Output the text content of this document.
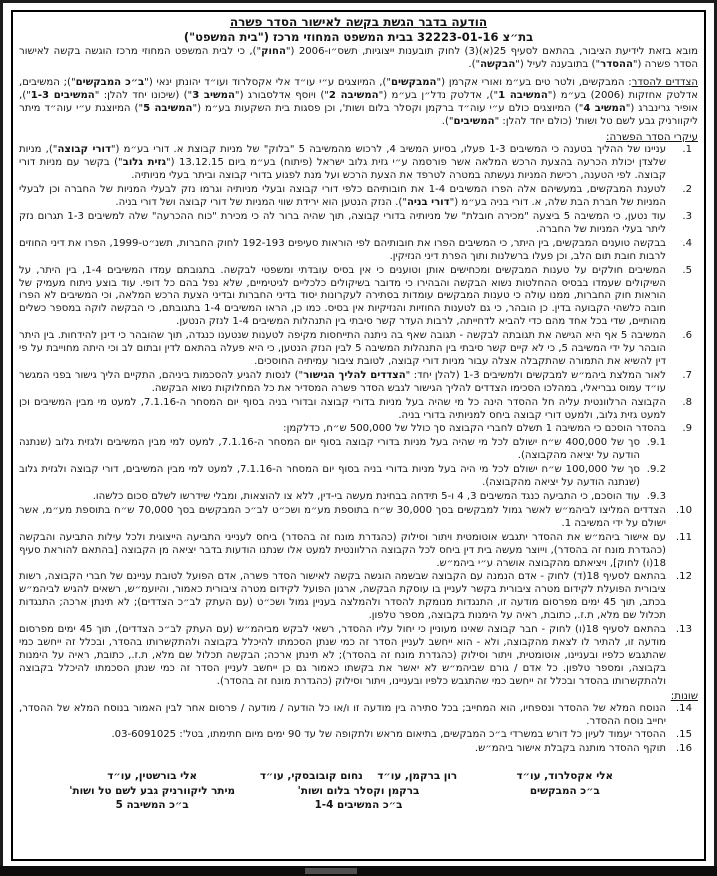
הודעה בדבר הגשת בקשה לאישור הסדר פשרה
בת״צ 32223-01-16 בבית המשפט המחוזי מרכז ("בית המשפט")
מובא בזאת לידיעת הציבור, בהתאם לסעיף 25(א)(3) לחוק תובענות ייצוגיות, תשס״ו-2006 ("החוק"), כי לבית המשפט המחוזי מרכז הוגשה בקשה לאישור הסדר פשרה ("ההסדר") בתובענה לעיל ("הבקשה").
הצדדים להסדר: המבקשים, ולטר טים בע״מ ואורי אקרמן ("המבקשים"), המיוצגים ע״י עו״ד אלי אקסלרוד ועו״ד יהונתן ינאי ("ב״כ המבקשים"); המשיבים, אדלטק אחזקות (2006) בע״מ ("המשיבה 1"), אדלטק נדל״ן בע״מ ("המשיבה 2") ויוסף אדלסבורג ("המשיב 3") (שיכונו יחד להלן: "המשיבים 1-3"), אופיר גרינברג ("המשיב 4") המיוצגים כולם ע״י עוה״ד ברקמן וקסלר בלום ושות', וכן פסגות בית השקעות בע״מ ("המשיבה 5") המיוצגת ע״י עוה״ד מיתר ליקוורניק גבע לשם טל ושות' (כולם יחד להלן: "המשיבים").
עיקרי הסדר הפשרה:
1.
עניינו של ההליך בטענה כי המשיבים 1-3 פעלו, בסיוע המשיב 4, לרכוש מהמשיבה 5 "בלוק" של מניות קבוצת א. דורי בע״מ ("דורי קבוצה"), מניות שלצדן יכולת הכרעה בהצעת הרכש המלאה אשר פורסמה ע״י גזית גלוב ישראל (פיתוח) בע״מ ביום 13.12.15 ("גזית גלוב") בקשר עם מניות דורי קבוצה. לפי הטענה, רכישת המניות נעשתה במטרה לטרפד את הצעת הרכש ועל מנת לפגוע בדורי קבוצה וביתר בעלי מניותיה.
2.
לטענת המבקשים, במעשיהם אלה הפרו המשיבים 1-4 את חובותיהם כלפי דורי קבוצה ובעלי מניותיה וגרמו נזק לבעלי המניות של החברה וכן לבעלי המניות של חברת הבת שלה, א. דורי בניה בע״מ ("דורי בניה"). הנזק הנטען הוא ירידת שווי המניות של דורי קבוצה ושל דורי בניה.
3.
עוד נטען, כי המשיבה 5 ביצעה "מכירה חובלת" של מניותיה בדורי קבוצה, תוך שהיה ברור לה כי מכירת "כוח ההכרעה" שלה למשיבים 1-3 תגרום נזק ליתר בעלי המניות של החברה.
4.
בבקשה טוענים המבקשים, בין היתר, כי המשיבים הפרו את חובותיהם לפי הוראות סעיפים 192-193 לחוק החברות, תשנ״ט-1999, הפרו את דיני החוזים לרבות חובת תום הלב, וכן פעלו ברשלנות ותוך הפרת דיני הנזיקין.
5.
המשיבים חולקים על טענות המבקשים ומכחישים אותן וטוענים כי אין בסיס עובדתי ומשפטי לבקשה. בתגובתם עמדו המשיבים 1-4, בין היתר, על השיקולים שעמדו בבסיס ההחלטות נשוא הבקשה והבהירו כי מדובר בשיקולים כלכליים לגיטימיים, שלא נפל בהם כל דופי. עוד בוצע ניתוח מעמיק של הוראות חוק החברות, ממנו עולה כי טענות המבקשים עומדות בסתירה לעקרונות יסוד בדיני החברות ובדיני הצעת הרכש המלאה, וכי המשיבים לא הפרו חובה כלשהי הקבועה בדין. כן הובהר, כי גם לטענות החוזיות והנזיקיות אין בסיס. כמו כן, הראו המשיבים 1-4 בתגובתם, כי הבקשה לוקה במספר כשלים מהותיים, שדי בכל אחד מהם כדי להביא לדחייתה, לרבות העדר קשר סיבתי בין התנהלות המשיבים 1-4 לנזק הנטען.
6.
המשיבה 5 אף היא הגישה את תגובתה לבקשה - תגובה שאף בה ניתנה התייחסות מקיפה לטענות שנטענו כנגדה, תוך שהובהר כי דינן להידחות. בין היתר הובהר על ידי המשיבה 5, כי לא קיים קשר סיבתי בין התנהלות המשיבה 5 לבין הנזק הנטען, כי היא פעלה בהתאם לדין ובתום לב וכי היתה מחוייבת על פי דין להשיא את התמורה שהתקבלה אצלה עבור מניות דורי קבוצה, לטובת ציבור עמיתיה החוסכים.
7.
לאור המלצת ביהמ״ש למבקשים ולמשיבים 1-3 (להלן יחד: "הצדדים להליך הגישור") לנסות להגיע להסכמות ביניהם, התקיים הליך גישור בפני המגשר עו״ד עמוס גבריאלי, במהלכו הסכימו הצדדים להליך הגישור לגבש הסדר פשרה המסדיר את כל המחלוקות נשוא הבקשה.
8.
הקבוצה הרלוונטית עליה חל ההסדר הינה כל מי שהיה בעל מניות בדורי קבוצה ובדורי בניה בסוף יום המסחר ה-7.1.16, למעט מי מבין המשיבים וכן למעט גזית גלוב, ולמעט דורי קבוצה ביחס למניותיה בדורי בניה.
9.
בהסדר הוסכם כי המשיבה 1 תשלם לחברי הקבוצה סך כולל של 500,000 ש״ח, כדלקמן:
9.1.
סך של 400,000 ש״ח ישולם לכל מי שהיה בעל מניות בדורי קבוצה בסוף יום המסחר ה-7.1.16, למעט למי מבין המשיבים ולגזית גלוב (שנתנה הודעה על יציאה מהקבוצה).
9.2.
סך של 100,000 ש״ח ישולם לכל מי היה בעל מניות בדורי בניה בסוף יום המסחר ה-7.1.16, למעט למי מבין המשיבים, דורי קבוצה ולגזית גלוב (שנתנה הודעה על יציאה מהקבוצה).
9.3.
עוד הוסכם, כי התביעה כנגד המשיבים 3, 4 ו-5 תידחה בבחינת מעשה בי-דין, ללא צו להוצאות, ומבלי שידרשו לשלם סכום כלשהו.
10.
הצדדים המליצו לביהמ״ש לאשר גמול למבקשים בסך 30,000 ש״ח בתוספת מע״מ ושכ״ט לב״כ המבקשים בסך 70,000 ש״ח בתוספת מע״מ, אשר ישולם על ידי המשיבה 1.
11.
עם אישור ביהמ״ש את ההסדר יתגבש אוטומטית ויתור וסילוק (כהגדרת מונח זה בהסדר) ביחס לענייני התביעה הייצוגית ולכל עילות התביעה והבקשה (כהגדרת מונח זה בהסדר), וייוצר מעשה בית דין ביחס לכל הקבוצה הרלוונטית למעט אלו שנתנו הודעות בדבר יציאה מן הקבוצה [בהתאם להוראת סעיף 18(ו) לחוק], ויציאתם מהקבוצה אושרה ע״י ביהמ״ש.
12.
בהתאם לסעיף 18(ד) לחוק - אדם הנמנה עם הקבוצה שבשמה הוגשה בקשה לאישור הסדר פשרה, אדם הפועל לטובת עניינם של חברי הקבוצה, רשות ציבורית הפועלת לקידום מטרה ציבורית בקשר לעניין בו עוסקת הבקשה, ארגון הפועל לקידום מטרה ציבורית כאמור, והיועמ״ש, רשאים להגיש לביהמ״ש בכתב, תוך 45 ימים מפרסום מודעה זו, התנגדות מנומקת להסדר ולהמלצה בעניין גמול ושכ״ט (עם העתק לב״כ הצדדים); לא תינתן ארכה; התנגדות תכלול שם מלא, ת.ז., כתובת, ראיה על הימנות בקבוצה, מספר טלפון.
13.
בהתאם לסעיף 18(ו) לחוק - חבר קבוצה שאינו מעוניין כי יחול עליו ההסדר, רשאי לבקש מביהמ״ש (עם העתק לב״כ הצדדים), תוך 45 ימים מפרסום מודעה זו, להתיר לו לצאת מהקבוצה, ולא - הוא ייחשב לעניין הסדר זה כמי שנתן הסכמתו להיכלל בקבוצה ולהתקשרותו בהסדר, ובכלל זה ייחשב כמי שהתגבש כלפיו ובעניינו, אוטומטית, ויתור וסילוק (כהגדרת מונח זה בהסדר); לא תינתן ארכה; הבקשה תכלול שם מלא, ת.ז., כתובת, ראיה על הימנות בקבוצה, ומספר טלפון. כל אדם / גורם שביהמ״ש לא יאשר את בקשתו כאמור גם כן ייחשב לעניין הסדר זה כמי שנתן הסכמתו להיכלל בקבוצה ולהתקשרותו בהסדר ובכלל זה ייחשב כמי שהתגבש כלפיו ובעניינו, ויתור וסילוק (כהגדרת מונח זה בהסדר).
שונות:
14.
הנוסח המלא של ההסדר ונספחיו, הוא המחייב; בכל סתירה בין מודעה זו ו/או כל הודעה / מודעה / פרסום אחר לבין האמור בנוסח המלא של ההסדר, יחייב נוסח ההסדר.
15.
ההסדר יעמוד לעיון כל דורש במשרדי ב״כ המבקשים, בתיאום מראש ולתקופה של עד 90 ימים מיום חתימתו, בטל': 03-6091025.
16.
תוקף ההסדר מותנה בקבלת אישור ביהמ״ש.
אלי אקסלרוד, עו״ד
ב״כ המבקשים
רון ברקמן, עו״ד    נחום קובובסקי, עו״ד
ברקמן וקסלר בלום ושות'
ב״כ המשיבים 1-4
אלי בורשטין, עו״ד
מיתר ליקוורניק גבע לשם טל ושות'
ב״כ המשיבה 5
